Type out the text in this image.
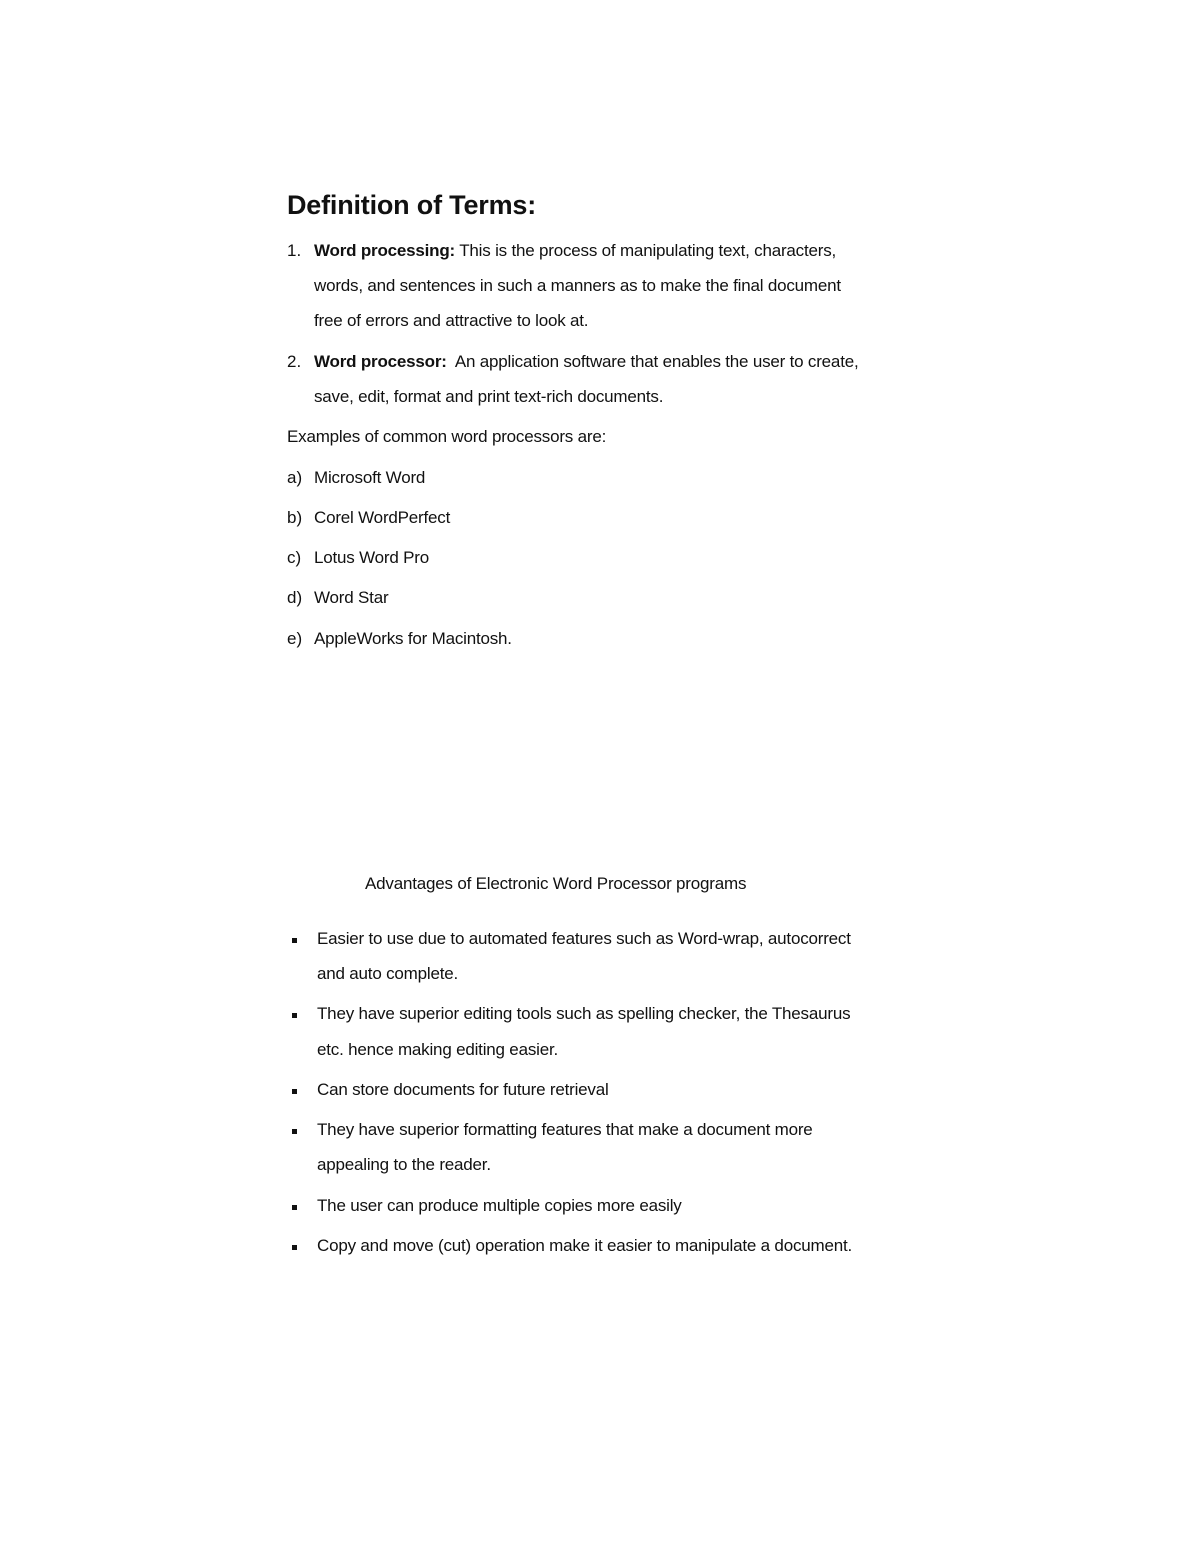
Definition of Terms:
1. Word processing: This is the process of manipulating text, characters,
words, and sentences in such a manners as to make the final document
free of errors and attractive to look at.
2. Word processor:  An application software that enables the user to create,
save, edit, format and print text-rich documents.
Examples of common word processors are:
a) Microsoft Word
b) Corel WordPerfect
c) Lotus Word Pro
d) Word Star
e) AppleWorks for Macintosh.
Advantages of Electronic Word Processor programs
Easier to use due to automated features such as Word-wrap, autocorrect
and auto complete.
They have superior editing tools such as spelling checker, the Thesaurus
etc. hence making editing easier.
Can store documents for future retrieval
They have superior formatting features that make a document more
appealing to the reader.
The user can produce multiple copies more easily
Copy and move (cut) operation make it easier to manipulate a document.
